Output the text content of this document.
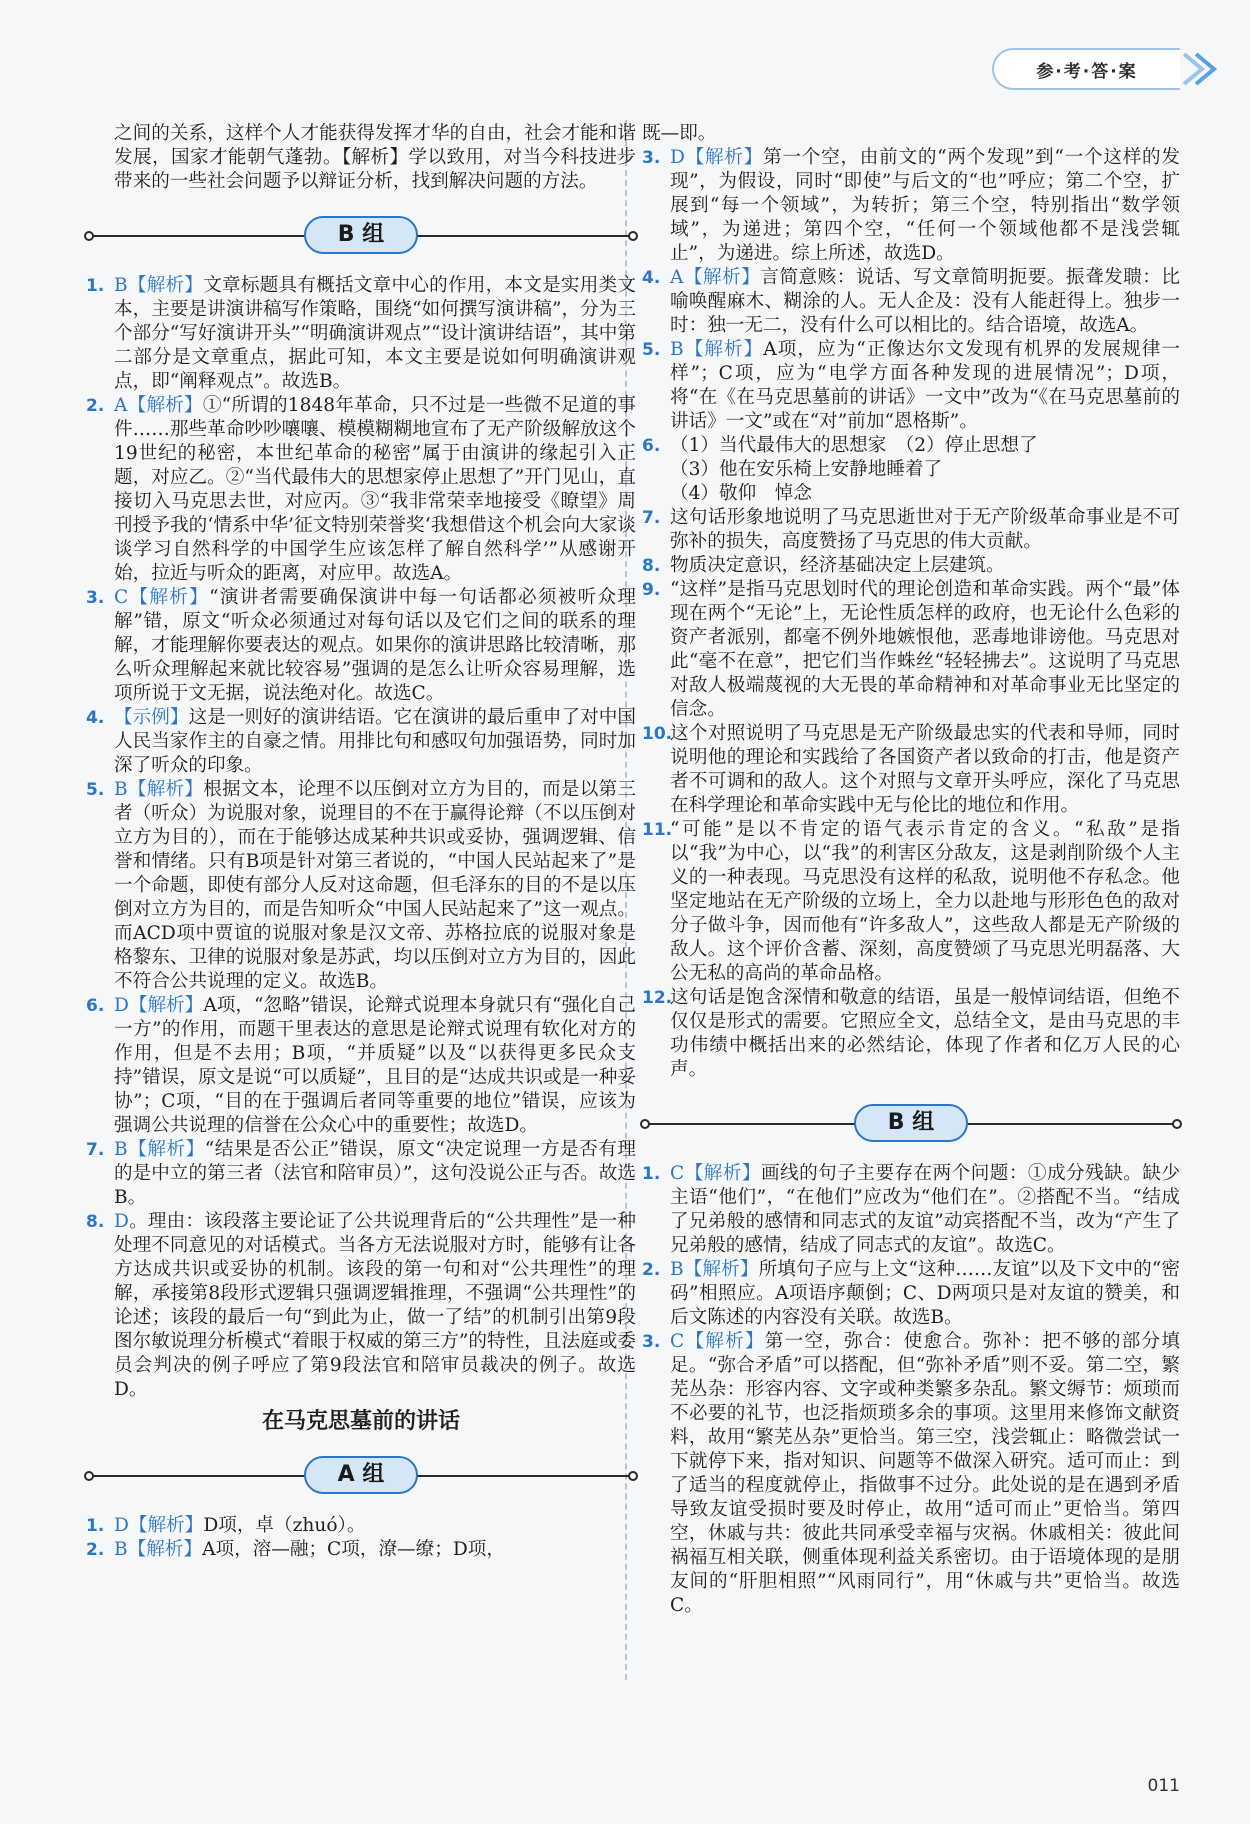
参·考·答·案

之间的关系，这样个人才能获得发挥才华的自由，社会才能和谐发展，国家才能朝气蓬勃。【解析】学以致用，对当今科技进步带来的一些社会问题予以辩证分析，找到解决问题的方法。

B 组
1. B【解析】文章标题具有概括文章中心的作用，本文是实用类文本，主要是讲演讲稿写作策略，围绕“如何撰写演讲稿”，分为三个部分“写好演讲开头”“明确演讲观点”“设计演讲结语”，其中第二部分是文章重点，据此可知，本文主要是说如何明确演讲观点，即“阐释观点”。故选B。
2. A【解析】①“所谓的1848年革命，只不过是一些微不足道的事件……那些革命吵吵嚷嚷、模模糊糊地宣布了无产阶级解放这个19世纪的秘密，本世纪革命的秘密”属于由演讲的缘起引入正题，对应乙。②“当代最伟大的思想家停止思想了”开门见山，直接切入马克思去世，对应丙。③“我非常荣幸地接受《瞭望》周刊授予我的‘情系中华’征文特别荣誉奖‘我想借这个机会向大家谈谈学习自然科学的中国学生应该怎样了解自然科学’”从感谢开始，拉近与听众的距离，对应甲。故选A。
3. C【解析】“演讲者需要确保演讲中每一句话都必须被听众理解”错，原文“听众必须通过对每句话以及它们之间的联系的理解，才能理解你要表达的观点。如果你的演讲思路比较清晰，那么听众理解起来就比较容易”强调的是怎么让听众容易理解，选项所说于文无据，说法绝对化。故选C。
4. 【示例】这是一则好的演讲结语。它在演讲的最后重申了对中国人民当家作主的自豪之情。用排比句和感叹句加强语势，同时加深了听众的印象。
5. B【解析】根据文本，论理不以压倒对立方为目的，而是以第三者（听众）为说服对象，说理目的不在于赢得论辩（不以压倒对立方为目的），而在于能够达成某种共识或妥协，强调逻辑、信誉和情绪。只有B项是针对第三者说的，“中国人民站起来了”是一个命题，即使有部分人反对这命题，但毛泽东的目的不是以压倒对立方为目的，而是告知听众“中国人民站起来了”这一观点。而ACD项中贾谊的说服对象是汉文帝、苏格拉底的说服对象是格黎东、卫律的说服对象是苏武，均以压倒对立方为目的，因此不符合公共说理的定义。故选B。
6. D【解析】A项，“忽略”错误，论辩式说理本身就只有“强化自己一方”的作用，而题干里表达的意思是论辩式说理有软化对方的作用，但是不去用；B项，“并质疑”以及“以获得更多民众支持”错误，原文是说“可以质疑”，且目的是“达成共识或是一种妥协”；C项，“目的在于强调后者同等重要的地位”错误，应该为强调公共说理的信誉在公众心中的重要性；故选D。
7. B【解析】“结果是否公正”错误，原文“决定说理一方是否有理的是中立的第三者（法官和陪审员）”，这句没说公正与否。故选B。
8. D。理由：该段落主要论证了公共说理背后的“公共理性”是一种处理不同意见的对话模式。当各方无法说服对方时，能够有让各方达成共识或妥协的机制。该段的第一句和对“公共理性”的理解，承接第8段形式逻辑只强调逻辑推理，不强调“公共理性”的论述；该段的最后一句“到此为止，做一了结”的机制引出第9段图尔敏说理分析模式“着眼于权威的第三方”的特性，且法庭或委员会判决的例子呼应了第9段法官和陪审员裁决的例子。故选D。
在马克思墓前的讲话
A 组
1. D【解析】D项，卓（zhuó）。
2. B【解析】A项，溶—融；C项，潦—缭；D项，

既—即。

3. D【解析】第一个空，由前文的“两个发现”到“一个这样的发现”，为假设，同时“即使”与后文的“也”呼应；第二个空，扩展到“每一个领域”，为转折；第三个空，特别指出“数学领域”，为递进；第四个空，“任何一个领域他都不是浅尝辄止”，为递进。综上所述，故选D。
4. A【解析】言简意赅：说话、写文章简明扼要。振聋发聩：比喻唤醒麻木、糊涂的人。无人企及：没有人能赶得上。独步一时：独一无二，没有什么可以相比的。结合语境，故选A。
5. B【解析】A项，应为“正像达尔文发现有机界的发展规律一样”；C项，应为“电学方面各种发现的进展情况”；D项，将“在《在马克思墓前的讲话》一文中”改为“《在马克思墓前的讲话》一文”或在“对”前加“恩格斯”。
6. （1）当代最伟大的思想家　（2）停止思想了
（3）他在安乐椅上安静地睡着了
（4）敬仰　悼念
7. 这句话形象地说明了马克思逝世对于无产阶级革命事业是不可弥补的损失，高度赞扬了马克思的伟大贡献。
8. 物质决定意识，经济基础决定上层建筑。
9. “这样”是指马克思划时代的理论创造和革命实践。两个“最”体现在两个“无论”上，无论性质怎样的政府，也无论什么色彩的资产者派别，都毫不例外地嫉恨他，恶毒地诽谤他。马克思对此“毫不在意”，把它们当作蛛丝“轻轻拂去”。这说明了马克思对敌人极端蔑视的大无畏的革命精神和对革命事业无比坚定的信念。
10.
这个对照说明了马克思是无产阶级最忠实的代表和导师，同时说明他的理论和实践给了各国资产者以致命的打击，他是资产者不可调和的敌人。这个对照与文章开头呼应，深化了马克思在科学理论和革命实践中无与伦比的地位和作用。
11.
“可能”是以不肯定的语气表示肯定的含义。“私敌”是指以“我”为中心，以“我”的利害区分敌友，这是剥削阶级个人主义的一种表现。马克思没有这样的私敌，说明他不存私念。他坚定地站在无产阶级的立场上，全力以赴地与形形色色的敌对分子做斗争，因而他有“许多敌人”，这些敌人都是无产阶级的敌人。这个评价含蓄、深刻，高度赞颂了马克思光明磊落、大公无私的高尚的革命品格。
12.
这句话是饱含深情和敬意的结语，虽是一般悼词结语，但绝不仅仅是形式的需要。它照应全文，总结全文，是由马克思的丰功伟绩中概括出来的必然结论，体现了作者和亿万人民的心声。
B 组
1. C【解析】画线的句子主要存在两个问题：①成分残缺。缺少主语“他们”，“在他们”应改为“他们在”。②搭配不当。“结成了兄弟般的感情和同志式的友谊”动宾搭配不当，改为“产生了兄弟般的感情，结成了同志式的友谊”。故选C。
2. B【解析】所填句子应与上文“这种……友谊”以及下文中的“密码”相照应。A项语序颠倒；C、D两项只是对友谊的赞美，和后文陈述的内容没有关联。故选B。
3. C【解析】第一空，弥合：使愈合。弥补：把不够的部分填足。“弥合矛盾”可以搭配，但“弥补矛盾”则不妥。第二空，繁芜丛杂：形容内容、文字或种类繁多杂乱。繁文缛节：烦琐而不必要的礼节，也泛指烦琐多余的事项。这里用来修饰文献资料，故用“繁芜丛杂”更恰当。第三空，浅尝辄止：略微尝试一下就停下来，指对知识、问题等不做深入研究。适可而止：到了适当的程度就停止，指做事不过分。此处说的是在遇到矛盾导致友谊受损时要及时停止，故用“适可而止”更恰当。第四空，休戚与共：彼此共同承受幸福与灾祸。休戚相关：彼此间祸福互相关联，侧重体现利益关系密切。由于语境体现的是朋友间的“肝胆相照”“风雨同行”，用“休戚与共”更恰当。故选C。
011
